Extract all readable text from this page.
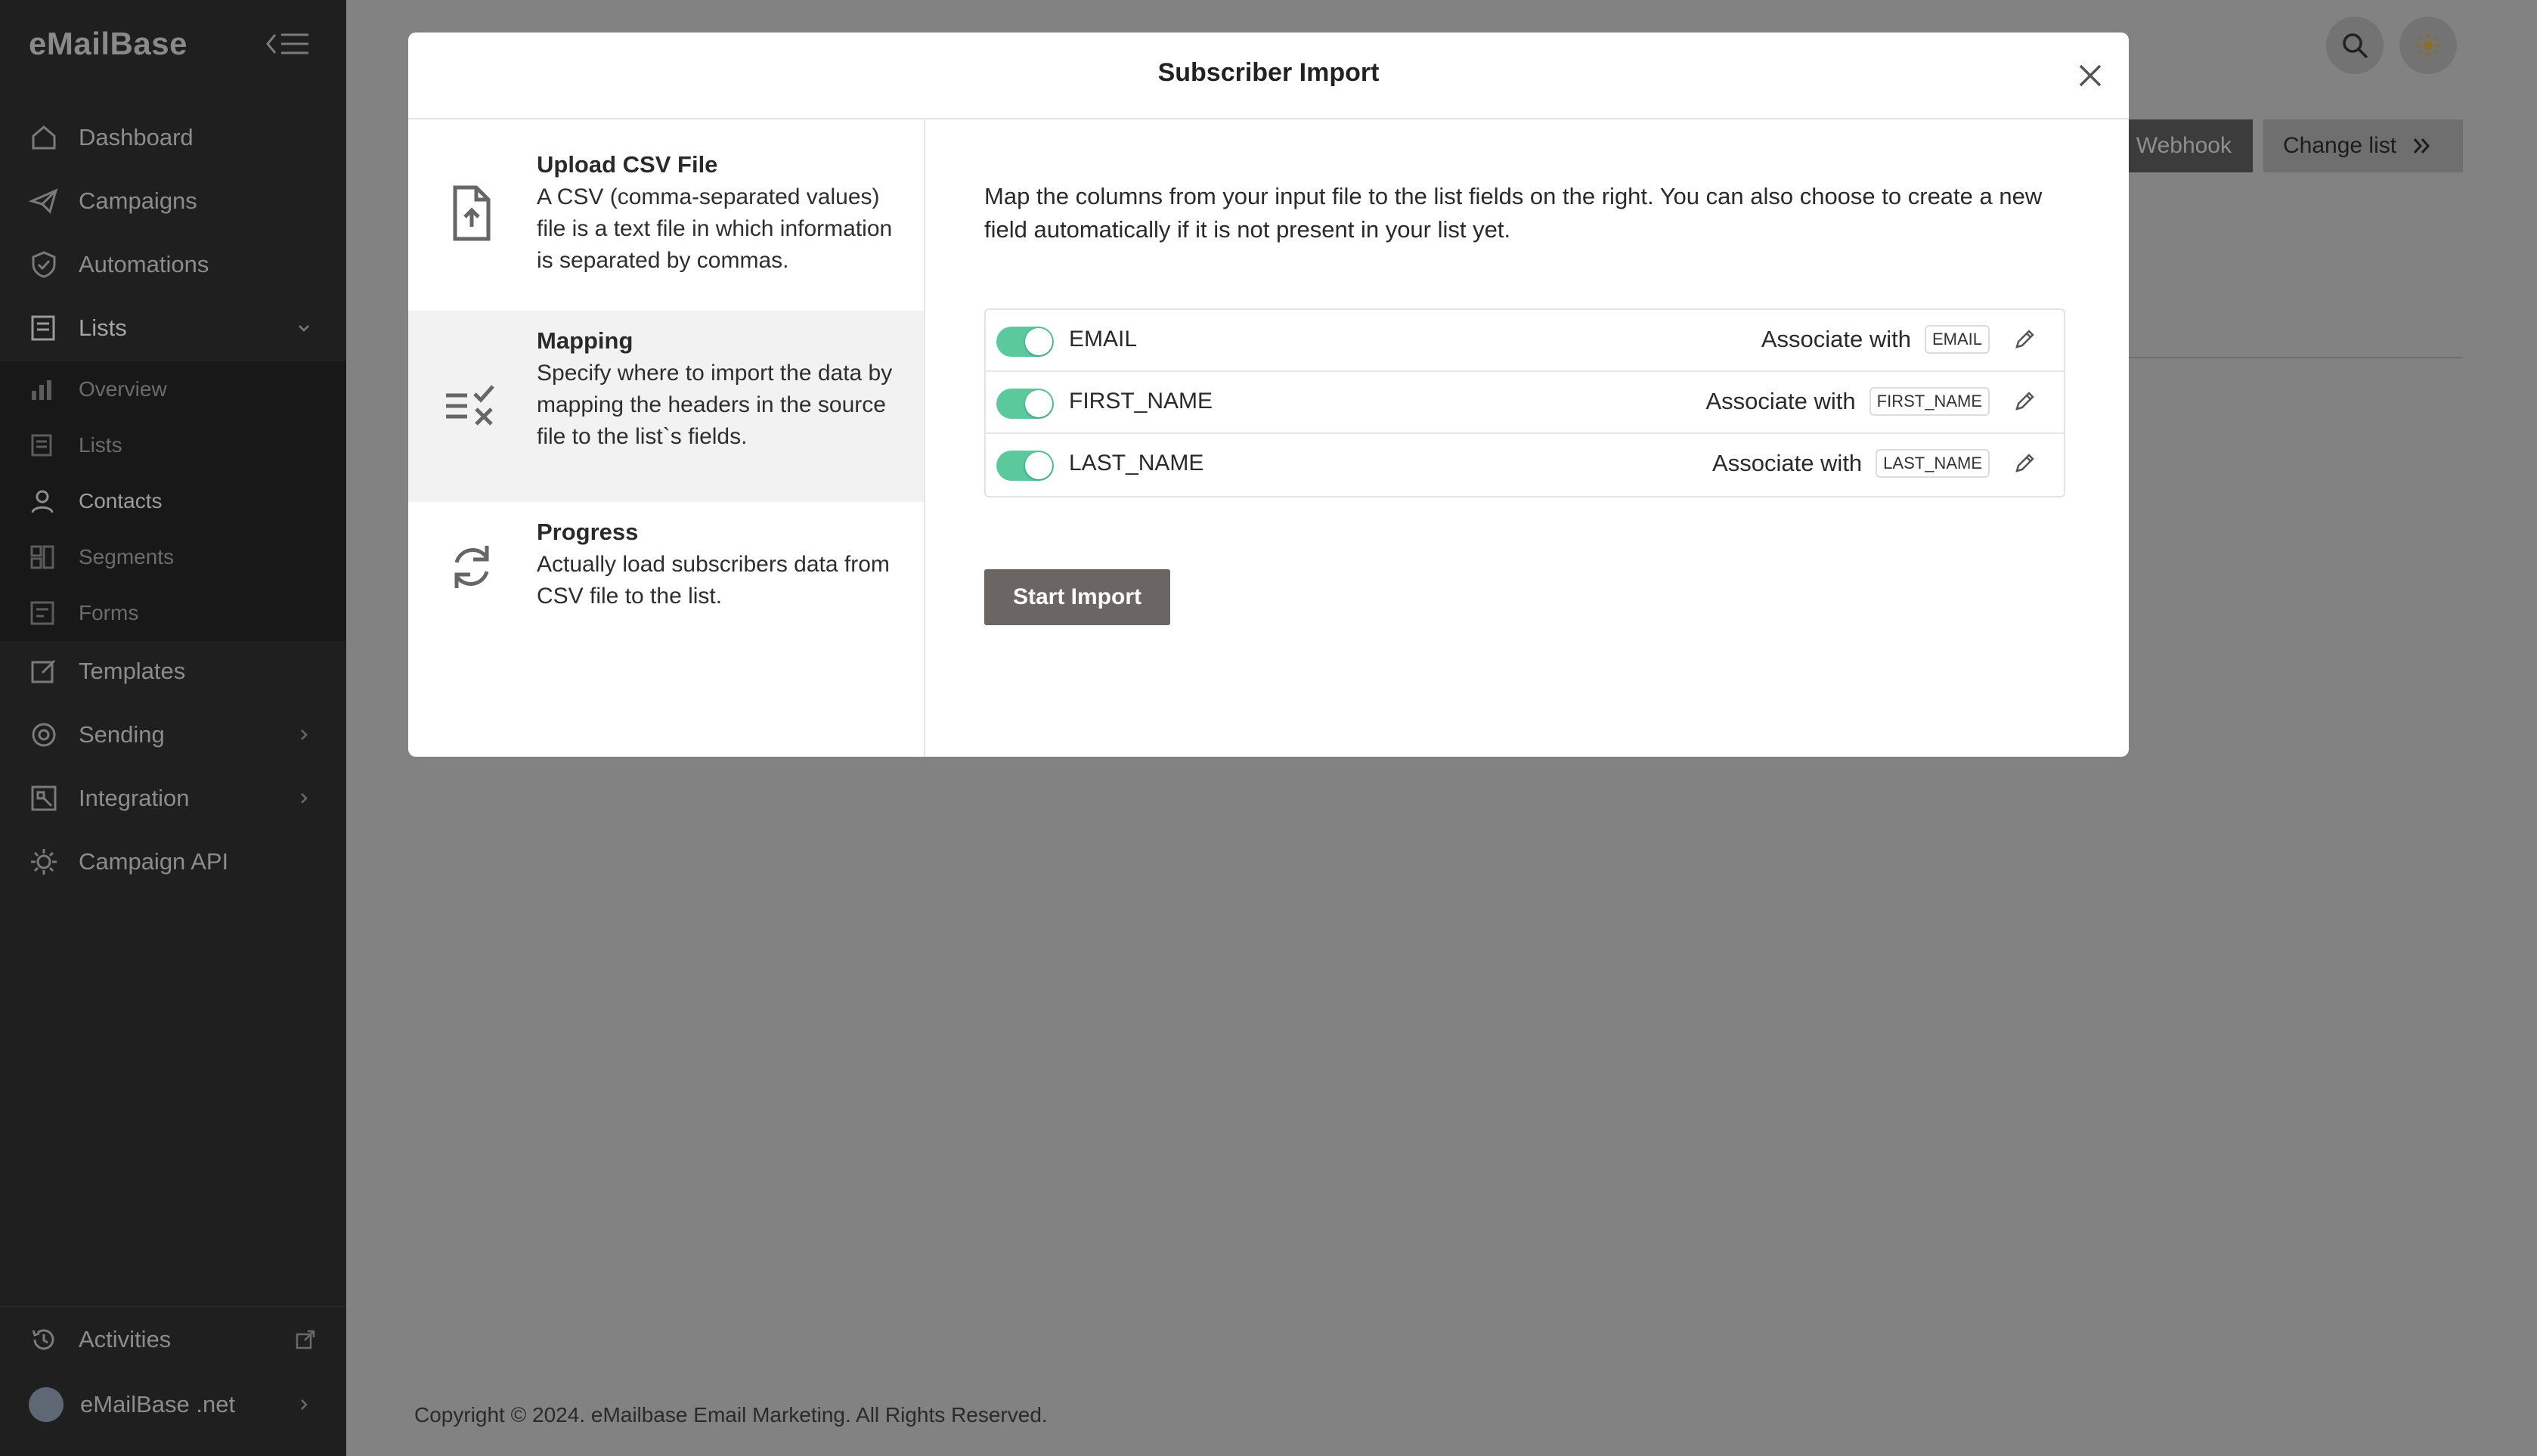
eMailBase
Dashboard
Campaigns
Automations
Lists
Overview
Lists
Contacts
Segments
Forms
Templates
Sending
Integration
Campaign API
Activities
eMailBase .net
Webhook Change list
Copyright © 2024. eMailbase Email Marketing. All Rights Reserved.
Subscriber Import
Upload CSV File
A CSV (comma-separated values) file is a text file in which information is separated by commas.
Mapping
Specify where to import the data by mapping the headers in the source file to the list`s fields.
Progress
Actually load subscribers data from CSV file to the list.
Map the columns from your input file to the list fields on the right. You can also choose to create a new field automatically if it is not present in your list yet.
EMAIL	Associate with	EMAIL
FIRST_NAME	Associate with	FIRST_NAME
LAST_NAME	Associate with	LAST_NAME
Start Import
